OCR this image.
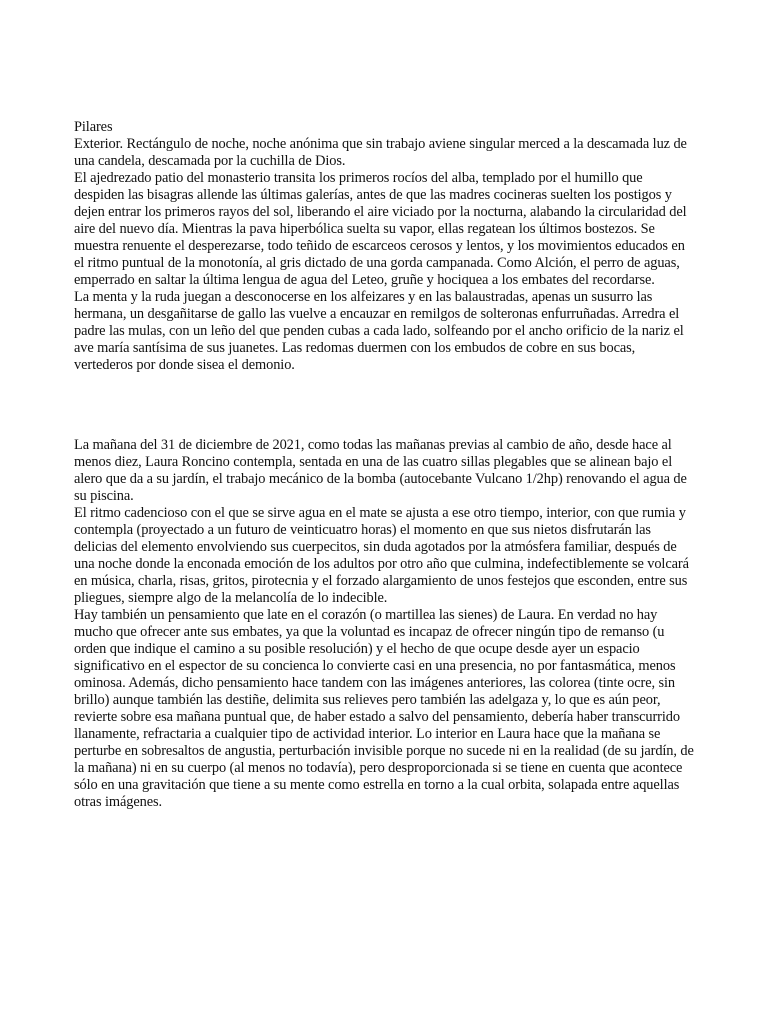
Pilares

Exterior. Rectángulo de noche, noche anónima que sin trabajo aviene singular merced a la descamada luz de una candela, descamada por la cuchilla de Dios.

El ajedrezado patio del monasterio transita los primeros rocíos del alba, templado por el humillo que despiden las bisagras allende las últimas galerías, antes de que las madres cocineras suelten los postigos y dejen entrar los primeros rayos del sol, liberando el aire viciado por la nocturna, alabando la circularidad del aire del nuevo día. Mientras la pava hiperbólica suelta su vapor, ellas regatean los últimos bostezos. Se muestra renuente el desperezarse, todo teñido de escarceos cerosos y lentos, y los movimientos educados en el ritmo puntual de la monotonía, al gris dictado de una gorda campanada. Como Alción, el perro de aguas, emperrado en saltar la última lengua de agua del Leteo, gruñe y hociquea a los embates del recordarse.

La menta y la ruda juegan a desconocerse en los alfeizares y en las balaustradas, apenas un susurro las hermana, un desgañitarse de gallo las vuelve a encauzar en remilgos de solteronas enfurruñadas. Arredra el padre las mulas, con un leño del que penden cubas a cada lado, solfeando por el ancho orificio de la nariz el ave maría santísima de sus juanetes. Las redomas duermen con los embudos de cobre en sus bocas, vertederos por donde sisea el demonio.

La mañana del 31 de diciembre de 2021, como todas las mañanas previas al cambio de año, desde hace al menos diez, Laura Roncino contempla, sentada en una de las cuatro sillas plegables que se alinean bajo el alero que da a su jardín, el trabajo mecánico de la bomba (autocebante Vulcano 1/2hp) renovando el agua de su piscina.

El ritmo cadencioso con el que se sirve agua en el mate se ajusta a ese otro tiempo, interior, con que rumia y contempla (proyectado a un futuro de veinticuatro horas) el momento en que sus nietos disfrutarán las delicias del elemento envolviendo sus cuerpecitos, sin duda agotados por la atmósfera familiar, después de una noche donde la enconada emoción de los adultos por otro año que culmina, indefectiblemente se volcará en música, charla, risas, gritos, pirotecnia y el forzado alargamiento de unos festejos que esconden, entre sus pliegues, siempre algo de la melancolía de lo indecible.

Hay también un pensamiento que late en el corazón (o martillea las sienes) de Laura. En verdad no hay mucho que ofrecer ante sus embates, ya que la voluntad es incapaz de ofrecer ningún tipo de remanso (u orden que indique el camino a su posible resolución) y el hecho de que ocupe desde ayer un espacio significativo en el espector de su concienca lo convierte casi en una presencia, no por fantasmática, menos ominosa. Además, dicho pensamiento hace tandem con las imágenes anteriores, las colorea (tinte ocre, sin brillo) aunque también las destiñe, delimita sus relieves pero también las adelgaza y, lo que es aún peor, revierte sobre esa mañana puntual que, de haber estado a salvo del pensamiento, debería haber transcurrido llanamente, refractaria a cualquier tipo de actividad interior. Lo interior en Laura hace que la mañana se perturbe en sobresaltos de angustia, perturbación invisible porque no sucede ni en la realidad (de su jardín, de la mañana) ni en su cuerpo (al menos no todavía), pero desproporcionada si se tiene en cuenta que acontece sólo en una gravitación que tiene a su mente como estrella en torno a la cual orbita, solapada entre aquellas otras imágenes.
